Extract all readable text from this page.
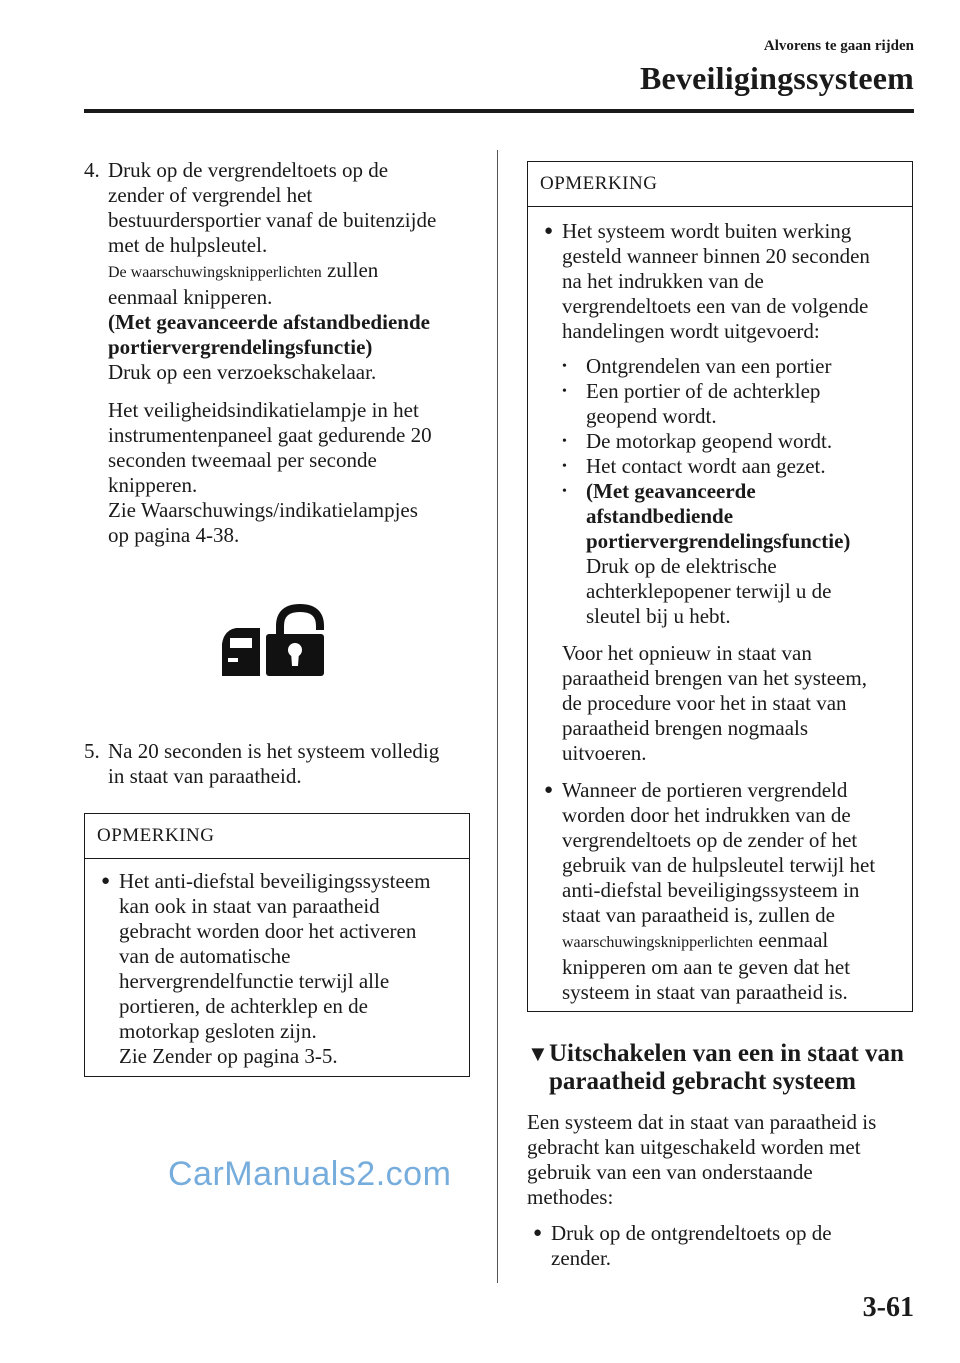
Alvorens te gaan rijden
Beveiligingssysteem
4. Druk op de vergrendeltoets op de

zender of vergrendel het

bestuurdersportier vanaf de buitenzijde

met de hulpsleutel.

De waarschuwingsknipperlichten zullen

eenmaal knipperen.

(Met geavanceerde afstandbediende

portiervergrendelingsfunctie)

Druk op een verzoekschakelaar.

Het veiligheidsindikatielampje in het

instrumentenpaneel gaat gedurende 20

seconden tweemaal per seconde

knipperen.

Zie Waarschuwings/indikatielampjes

op pagina 4-38.

5. Na 20 seconden is het systeem volledig

in staat van paraatheid.

OPMERKING
● Het anti-diefstal beveiligingssysteem

kan ook in staat van paraatheid

gebracht worden door het activeren

van de automatische

hervergrendelfunctie terwijl alle

portieren, de achterklep en de

motorkap gesloten zijn.

Zie Zender op pagina 3-5.

CarManuals2.com
OPMERKING
● Het systeem wordt buiten werking

gesteld wanneer binnen 20 seconden

na het indrukken van de

vergrendeltoets een van de volgende

handelingen wordt uitgevoerd:

• Ontgrendelen van een portier

• Een portier of de achterklep

geopend wordt.

• De motorkap geopend wordt.

• Het contact wordt aan gezet.

• (Met geavanceerde

afstandbediende

portiervergrendelingsfunctie)

Druk op de elektrische

achterklepopener terwijl u de

sleutel bij u hebt.

Voor het opnieuw in staat van

paraatheid brengen van het systeem,

de procedure voor het in staat van

paraatheid brengen nogmaals

uitvoeren.

● Wanneer de portieren vergrendeld

worden door het indrukken van de

vergrendeltoets op de zender of het

gebruik van de hulpsleutel terwijl het

anti-diefstal beveiligingssysteem in

staat van paraatheid is, zullen de

waarschuwingsknipperlichten eenmaal

knipperen om aan te geven dat het

systeem in staat van paraatheid is.

▼ Uitschakelen van een in staat van
paraatheid gebracht systeem

Een systeem dat in staat van paraatheid is

gebracht kan uitgeschakeld worden met

gebruik van een van onderstaande

methodes:

● Druk op de ontgrendeltoets op de

zender.

3-61
